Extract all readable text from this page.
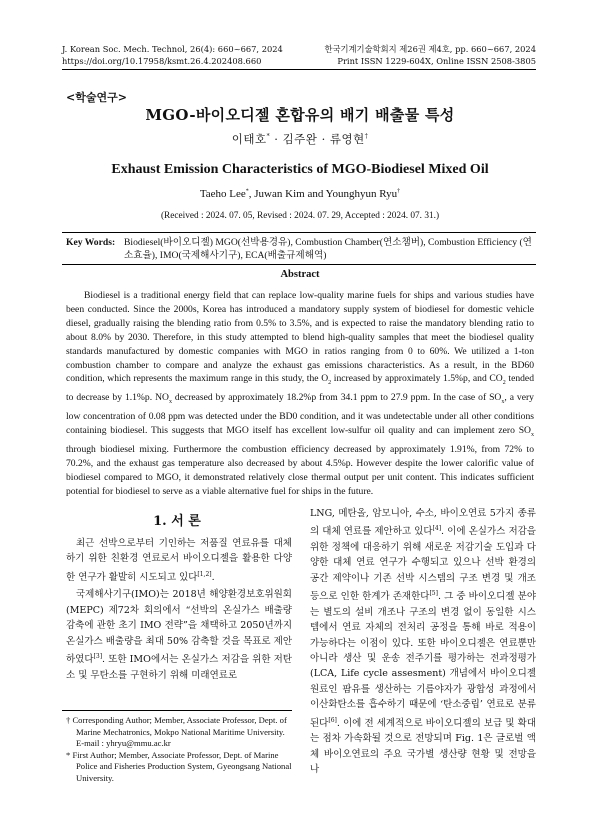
J. Korean Soc. Mech. Technol, 26(4): 660~667, 2024
https://doi.org/10.17958/ksmt.26.4.202408.660
한국기계기술학회지 제26권 제4호, pp. 660~667, 2024
Print ISSN 1229-604X, Online ISSN 2508-3805
<학술연구>
MGO-바이오디젤 혼합유의 배기 배출물 특성
이태호* · 김주완 · 류영현†
Exhaust Emission Characteristics of MGO-Biodiesel Mixed Oil
Taeho Lee*, Juwan Kim and Younghyun Ryu†
(Received : 2024. 07. 05, Revised : 2024. 07. 29, Accepted : 2024. 07. 31.)
Key Words: Biodiesel(바이오디젤) MGO(선박용경유), Combustion Chamber(연소챔버), Combustion Efficiency (연소효율), IMO(국제해사기구), ECA(배출규제해역)
Abstract
Biodiesel is a traditional energy field that can replace low-quality marine fuels for ships and various studies have been conducted. Since the 2000s, Korea has introduced a mandatory supply system of biodiesel for domestic vehicle diesel, gradually raising the blending ratio from 0.5% to 3.5%, and is expected to raise the mandatory blending ratio to about 8.0% by 2030. Therefore, in this study attempted to blend high-quality samples that meet the biodiesel quality standards manufactured by domestic companies with MGO in ratios ranging from 0 to 60%. We utilized a 1-ton combustion chamber to compare and analyze the exhaust gas emissions characteristics. As a result, in the BD60 condition, which represents the maximum range in this study, the $O_2$ increased by approximately 1.5%p, and $CO_2$ tended to decrease by 1.1%p. $NO_x$ decreased by approximately 18.2%p from 34.1 ppm to 27.9 ppm. In the case of $SO_x$, a very low concentration of 0.08 ppm was detected under the BD0 condition, and it was undetectable under all other conditions containing biodiesel. This suggests that MGO itself has excellent low-sulfur oil quality and can implement zero $SO_x$ through biodiesel mixing. Furthermore the combustion efficiency decreased by approximately 1.91%, from 72% to 70.2%, and the exhaust gas temperature also decreased by about 4.5%p. However despite the lower calorific value of biodiesel compared to MGO, it demonstrated relatively close thermal output per unit content. This indicates sufficient potential for biodiesel to serve as a viable alternative fuel for ships in the future.
1. 서 론

최근 선박으로부터 기인하는 저품질 연료유를 대체하기 위한 친환경 연료로서 바이오디젤을 활용한 다양한 연구가 활발히 시도되고 있다[1,2].

국제해사기구(IMO)는 2018년 해양환경보호위원회(MEPC) 제72차 회의에서 “선박의 온실가스 배출량 감축에 관한 초기 IMO 전략”을 채택하고 2050년까지 온실가스 배출량을 최대 50% 감축할 것을 목표로 제안하였다[3]. 또한 IMO에서는 온실가스 저감을 위한 저탄소 및 무탄소를 구현하기 위해 미래연료로

† Corresponding Author; Member, Associate Professor, Dept. of Marine Mechatronics, Mokpo National Maritime University.
E-mail : yhryu@mmu.ac.kr

* First Author; Member, Associate Professor, Dept. of Marine Police and Fisheries Production System, Gyeongsang National University.

LNG, 메탄올, 암모니아, 수소, 바이오연료 5가지 종류의 대체 연료를 제안하고 있다[4]. 이에 온실가스 저감을 위한 정책에 대응하기 위해 새로운 저감기술 도입과 다양한 대체 연료 연구가 수행되고 있으나 선박 환경의 공간 제약이나 기존 선박 시스템의 구조 변경 및 개조 등으로 인한 한계가 존재한다[5]. 그 중 바이오디젤 분야는 별도의 설비 개조나 구조의 변경 없이 동일한 시스템에서 연료 자체의 전처리 공정을 통해 바로 적용이 가능하다는 이점이 있다. 또한 바이오디젤은 연료뿐만 아니라 생산 및 운송 전주기를 평가하는 전과정평가(LCA, Life cycle assesment) 개념에서 바이오디젤 원료인 팜유를 생산하는 기름야자가 광합성 과정에서 이산화탄소를 흡수하기 때문에 ‘탄소중립’ 연료로 분류된다[6]. 이에 전 세계적으로 바이오디젤의 보급 및 확대는 점차 가속화될 것으로 전망되며 Fig. 1은 글로벌 액체 바이오연료의 주요 국가별 생산량 현황 및 전망을 나
